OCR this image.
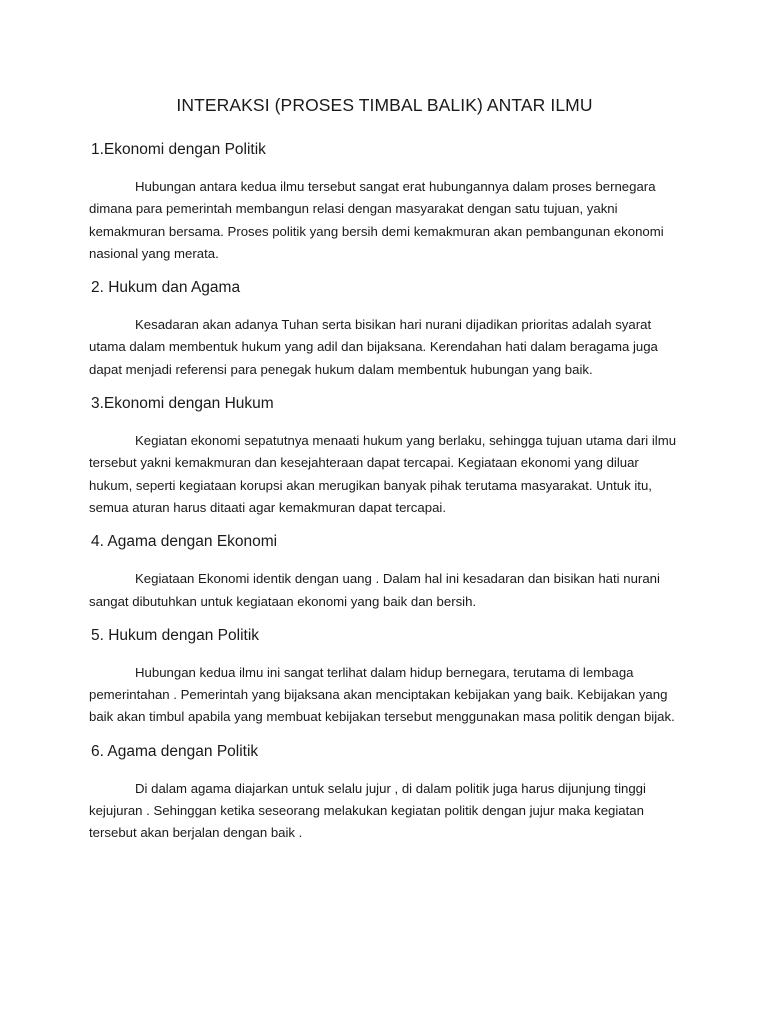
INTERAKSI (PROSES TIMBAL BALIK) ANTAR ILMU
1.Ekonomi dengan Politik

Hubungan antara kedua ilmu tersebut sangat erat hubungannya dalam proses bernegara dimana para pemerintah membangun relasi dengan masyarakat dengan satu tujuan, yakni kemakmuran bersama. Proses politik yang bersih demi kemakmuran akan pembangunan ekonomi nasional yang merata.

2. Hukum dan Agama

Kesadaran akan adanya Tuhan serta bisikan hari nurani dijadikan prioritas adalah syarat utama dalam membentuk hukum yang adil dan bijaksana. Kerendahan hati dalam beragama juga dapat menjadi referensi para penegak hukum dalam membentuk hubungan yang baik.

3.Ekonomi dengan Hukum

Kegiatan ekonomi sepatutnya menaati hukum yang berlaku, sehingga tujuan utama dari ilmu tersebut yakni kemakmuran dan kesejahteraan dapat tercapai. Kegiataan ekonomi yang diluar hukum, seperti kegiataan korupsi akan merugikan banyak pihak terutama masyarakat. Untuk itu, semua aturan harus ditaati agar kemakmuran dapat tercapai.

4. Agama dengan Ekonomi

Kegiataan Ekonomi identik dengan uang . Dalam hal ini kesadaran dan bisikan hati nurani sangat dibutuhkan untuk kegiataan ekonomi yang baik dan bersih.

5. Hukum dengan Politik

Hubungan kedua ilmu ini sangat terlihat dalam hidup bernegara, terutama di lembaga pemerintahan . Pemerintah yang bijaksana akan menciptakan kebijakan yang baik. Kebijakan yang baik akan timbul apabila yang membuat kebijakan tersebut menggunakan masa politik dengan bijak.

6. Agama dengan Politik

Di dalam agama diajarkan untuk selalu jujur , di dalam politik juga harus dijunjung tinggi kejujuran . Sehinggan ketika seseorang melakukan kegiatan politik dengan jujur maka kegiatan tersebut akan berjalan dengan baik .
